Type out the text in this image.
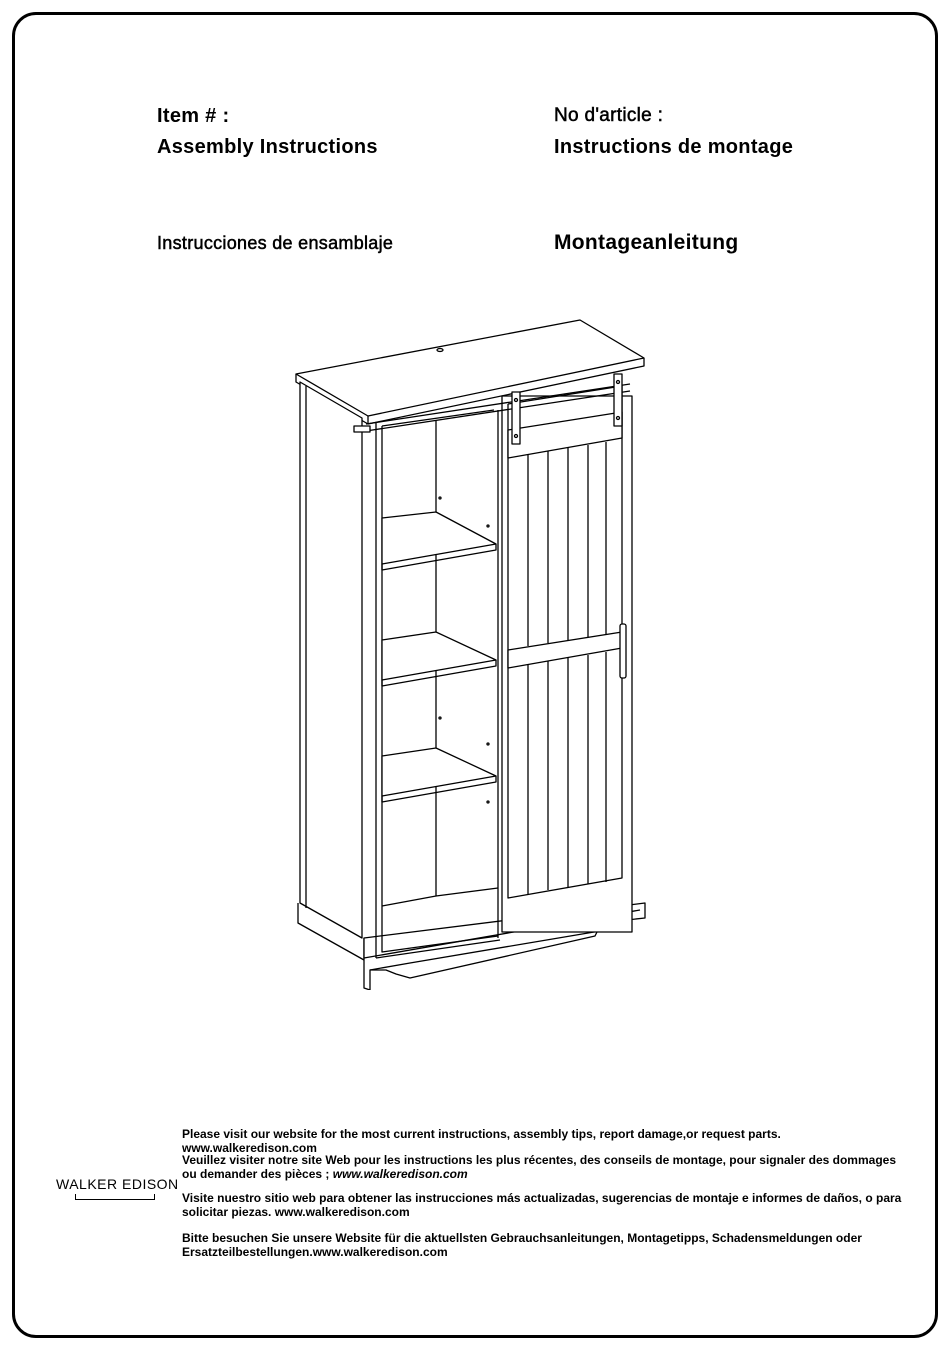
Item # :
Assembly Instructions
No d'article :
Instructions de montage
Instrucciones de ensamblaje	Montageanleitung
WALKER EDISON
Please visit our website for the most current instructions, assembly tips, report damage,or request parts. www.walkeredison.com
Veuillez visiter notre site Web pour les instructions les plus récentes, des conseils de montage, pour signaler des dommages ou demander des pièces ; www.walkeredison.com
Visite nuestro sitio web para obtener las instrucciones más actualizadas, sugerencias de montaje e informes de daños, o para solicitar piezas. www.walkeredison.com
Bitte besuchen Sie unsere Website für die aktuellsten Gebrauchsanleitungen, Montagetipps, Schadensmeldungen oder Ersatzteilbestellungen.www.walkeredison.com
